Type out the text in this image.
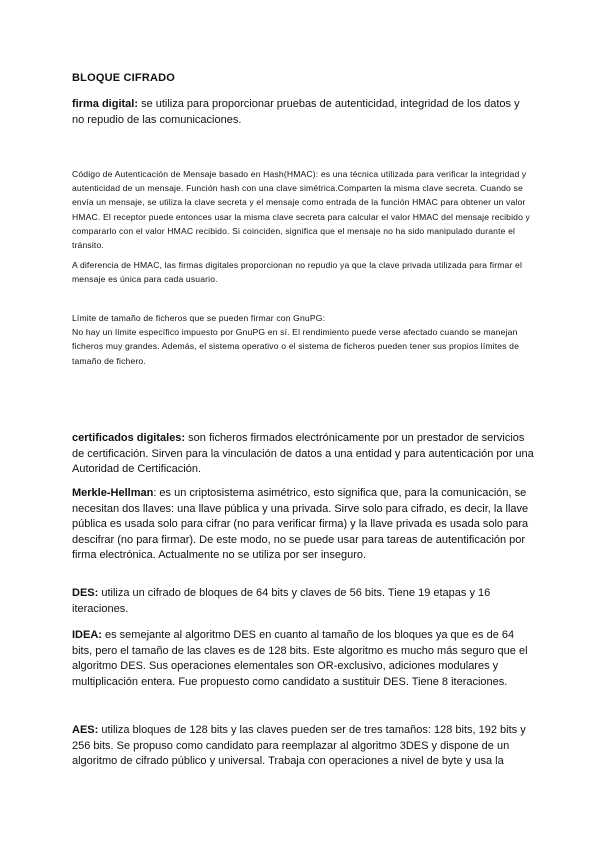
BLOQUE CIFRADO
firma digital: se utiliza para proporcionar pruebas de autenticidad, integridad de los datos y no repudio de las comunicaciones.
Código de Autenticación de Mensaje basado en Hash(HMAC): es una técnica utilizada para verificar la integridad y autenticidad de un mensaje. Función hash con una clave simétrica.Comparten la misma clave secreta. Cuando se envía un mensaje, se utiliza la clave secreta y el mensaje como entrada de la función HMAC para obtener un valor HMAC. El receptor puede entonces usar la misma clave secreta para calcular el valor HMAC del mensaje recibido y compararlo con el valor HMAC recibido. Si coinciden, significa que el mensaje no ha sido manipulado durante el tránsito.
A diferencia de HMAC, las firmas digitales proporcionan no repudio ya que la clave privada utilizada para firmar el mensaje es única para cada usuario.
Límite de tamaño de ficheros que se pueden firmar con GnuPG:
No hay un límite específico impuesto por GnuPG en sí. El rendimiento puede verse afectado cuando se manejan ficheros muy grandes. Además, el sistema operativo o el sistema de ficheros pueden tener sus propios límites de tamaño de fichero.
certificados digitales: son ficheros firmados electrónicamente por un prestador de servicios de certificación. Sirven para la vinculación de datos a una entidad y para autenticación por una Autoridad de Certificación.
Merkle-Hellman: es un criptosistema asimétrico, esto significa que, para la comunicación, se necesitan dos llaves: una llave pública y una privada. Sirve solo para cifrado, es decir, la llave pública es usada solo para cifrar (no para verificar firma) y la llave privada es usada solo para descifrar (no para firmar). De este modo, no se puede usar para tareas de autentificación por firma electrónica. Actualmente no se utiliza por ser inseguro.
DES: utiliza un cifrado de bloques de 64 bits y claves de 56 bits. Tiene 19 etapas y 16 iteraciones.
IDEA: es semejante al algoritmo DES en cuanto al tamaño de los bloques ya que es de 64 bits, pero el tamaño de las claves es de 128 bits. Este algoritmo es mucho más seguro que el algoritmo DES. Sus operaciones elementales son OR-exclusivo, adiciones modulares y multiplicación entera. Fue propuesto como candidato a sustituir DES. Tiene 8 iteraciones.
AES: utiliza bloques de 128 bits y las claves pueden ser de tres tamaños: 128 bits, 192 bits y 256 bits. Se propuso como candidato para reemplazar al algoritmo 3DES y dispone de un algoritmo de cifrado público y universal. Trabaja con operaciones a nivel de byte y usa la
